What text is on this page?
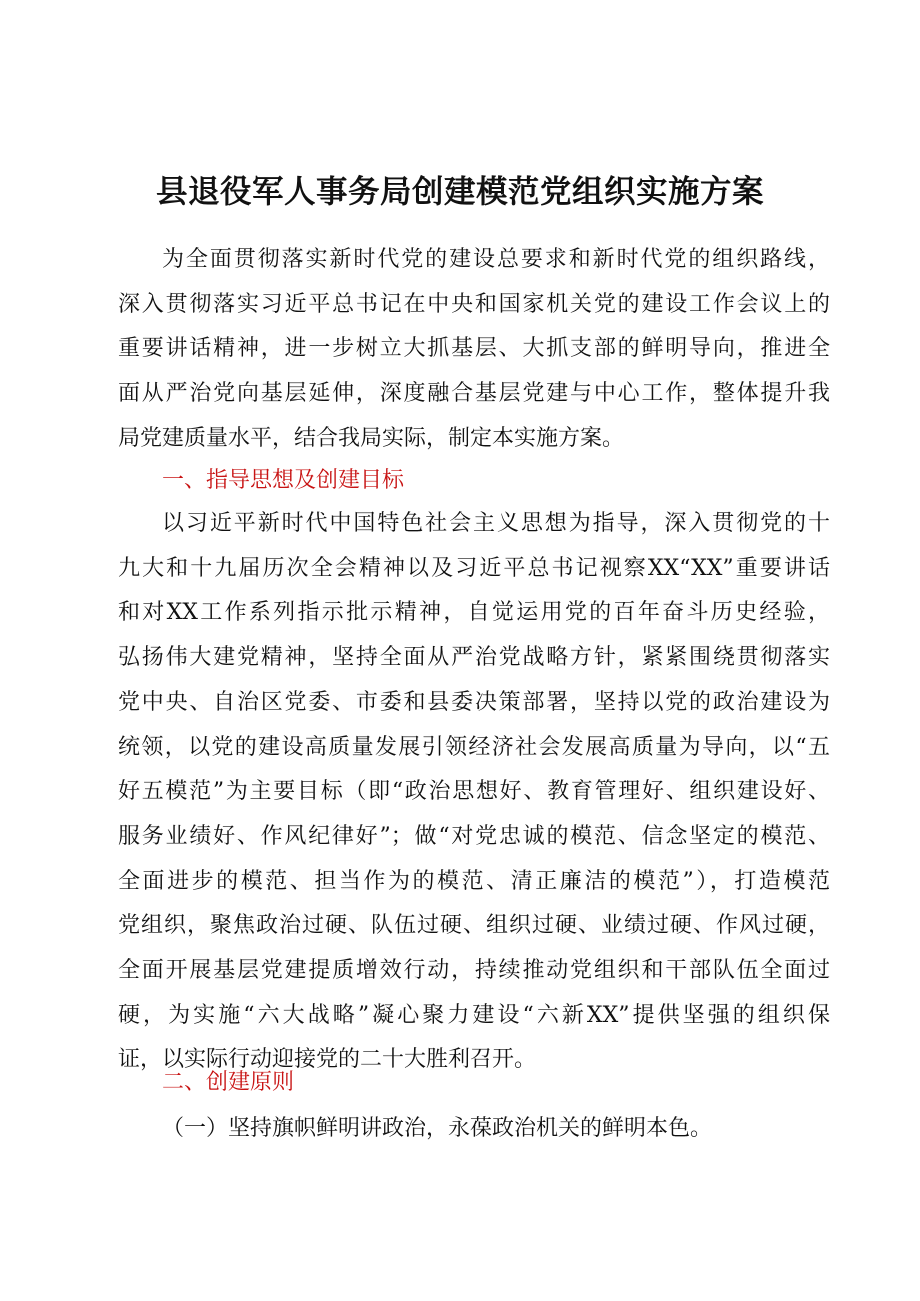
县退役军人事务局创建模范党组织实施方案
为全面贯彻落实新时代党的建设总要求和新时代党的组织路线，
深入贯彻落实习近平总书记在中央和国家机关党的建设工作会议上的
重要讲话精神，进一步树立大抓基层、大抓支部的鲜明导向，推进全
面从严治党向基层延伸，深度融合基层党建与中心工作，整体提升我
局党建质量水平，结合我局实际，制定本实施方案。
一、指导思想及创建目标
以习近平新时代中国特色社会主义思想为指导，深入贯彻党的十
九大和十九届历次全会精神以及习近平总书记视察XX“XX”重要讲话
和对XX工作系列指示批示精神，自觉运用党的百年奋斗历史经验，
弘扬伟大建党精神，坚持全面从严治党战略方针，紧紧围绕贯彻落实
党中央、自治区党委、市委和县委决策部署，坚持以党的政治建设为
统领，以党的建设高质量发展引领经济社会发展高质量为导向，以“五
好五模范”为主要目标（即“政治思想好、教育管理好、组织建设好、
服务业绩好、作风纪律好”；做“对党忠诚的模范、信念坚定的模范、
全面进步的模范、担当作为的模范、清正廉洁的模范”），打造模范
党组织，聚焦政治过硬、队伍过硬、组织过硬、业绩过硬、作风过硬，
全面开展基层党建提质增效行动，持续推动党组织和干部队伍全面过
硬，为实施“六大战略”凝心聚力建设“六新XX”提供坚强的组织保
证，以实际行动迎接党的二十大胜利召开。
二、创建原则
（一）坚持旗帜鲜明讲政治，永葆政治机关的鲜明本色。
